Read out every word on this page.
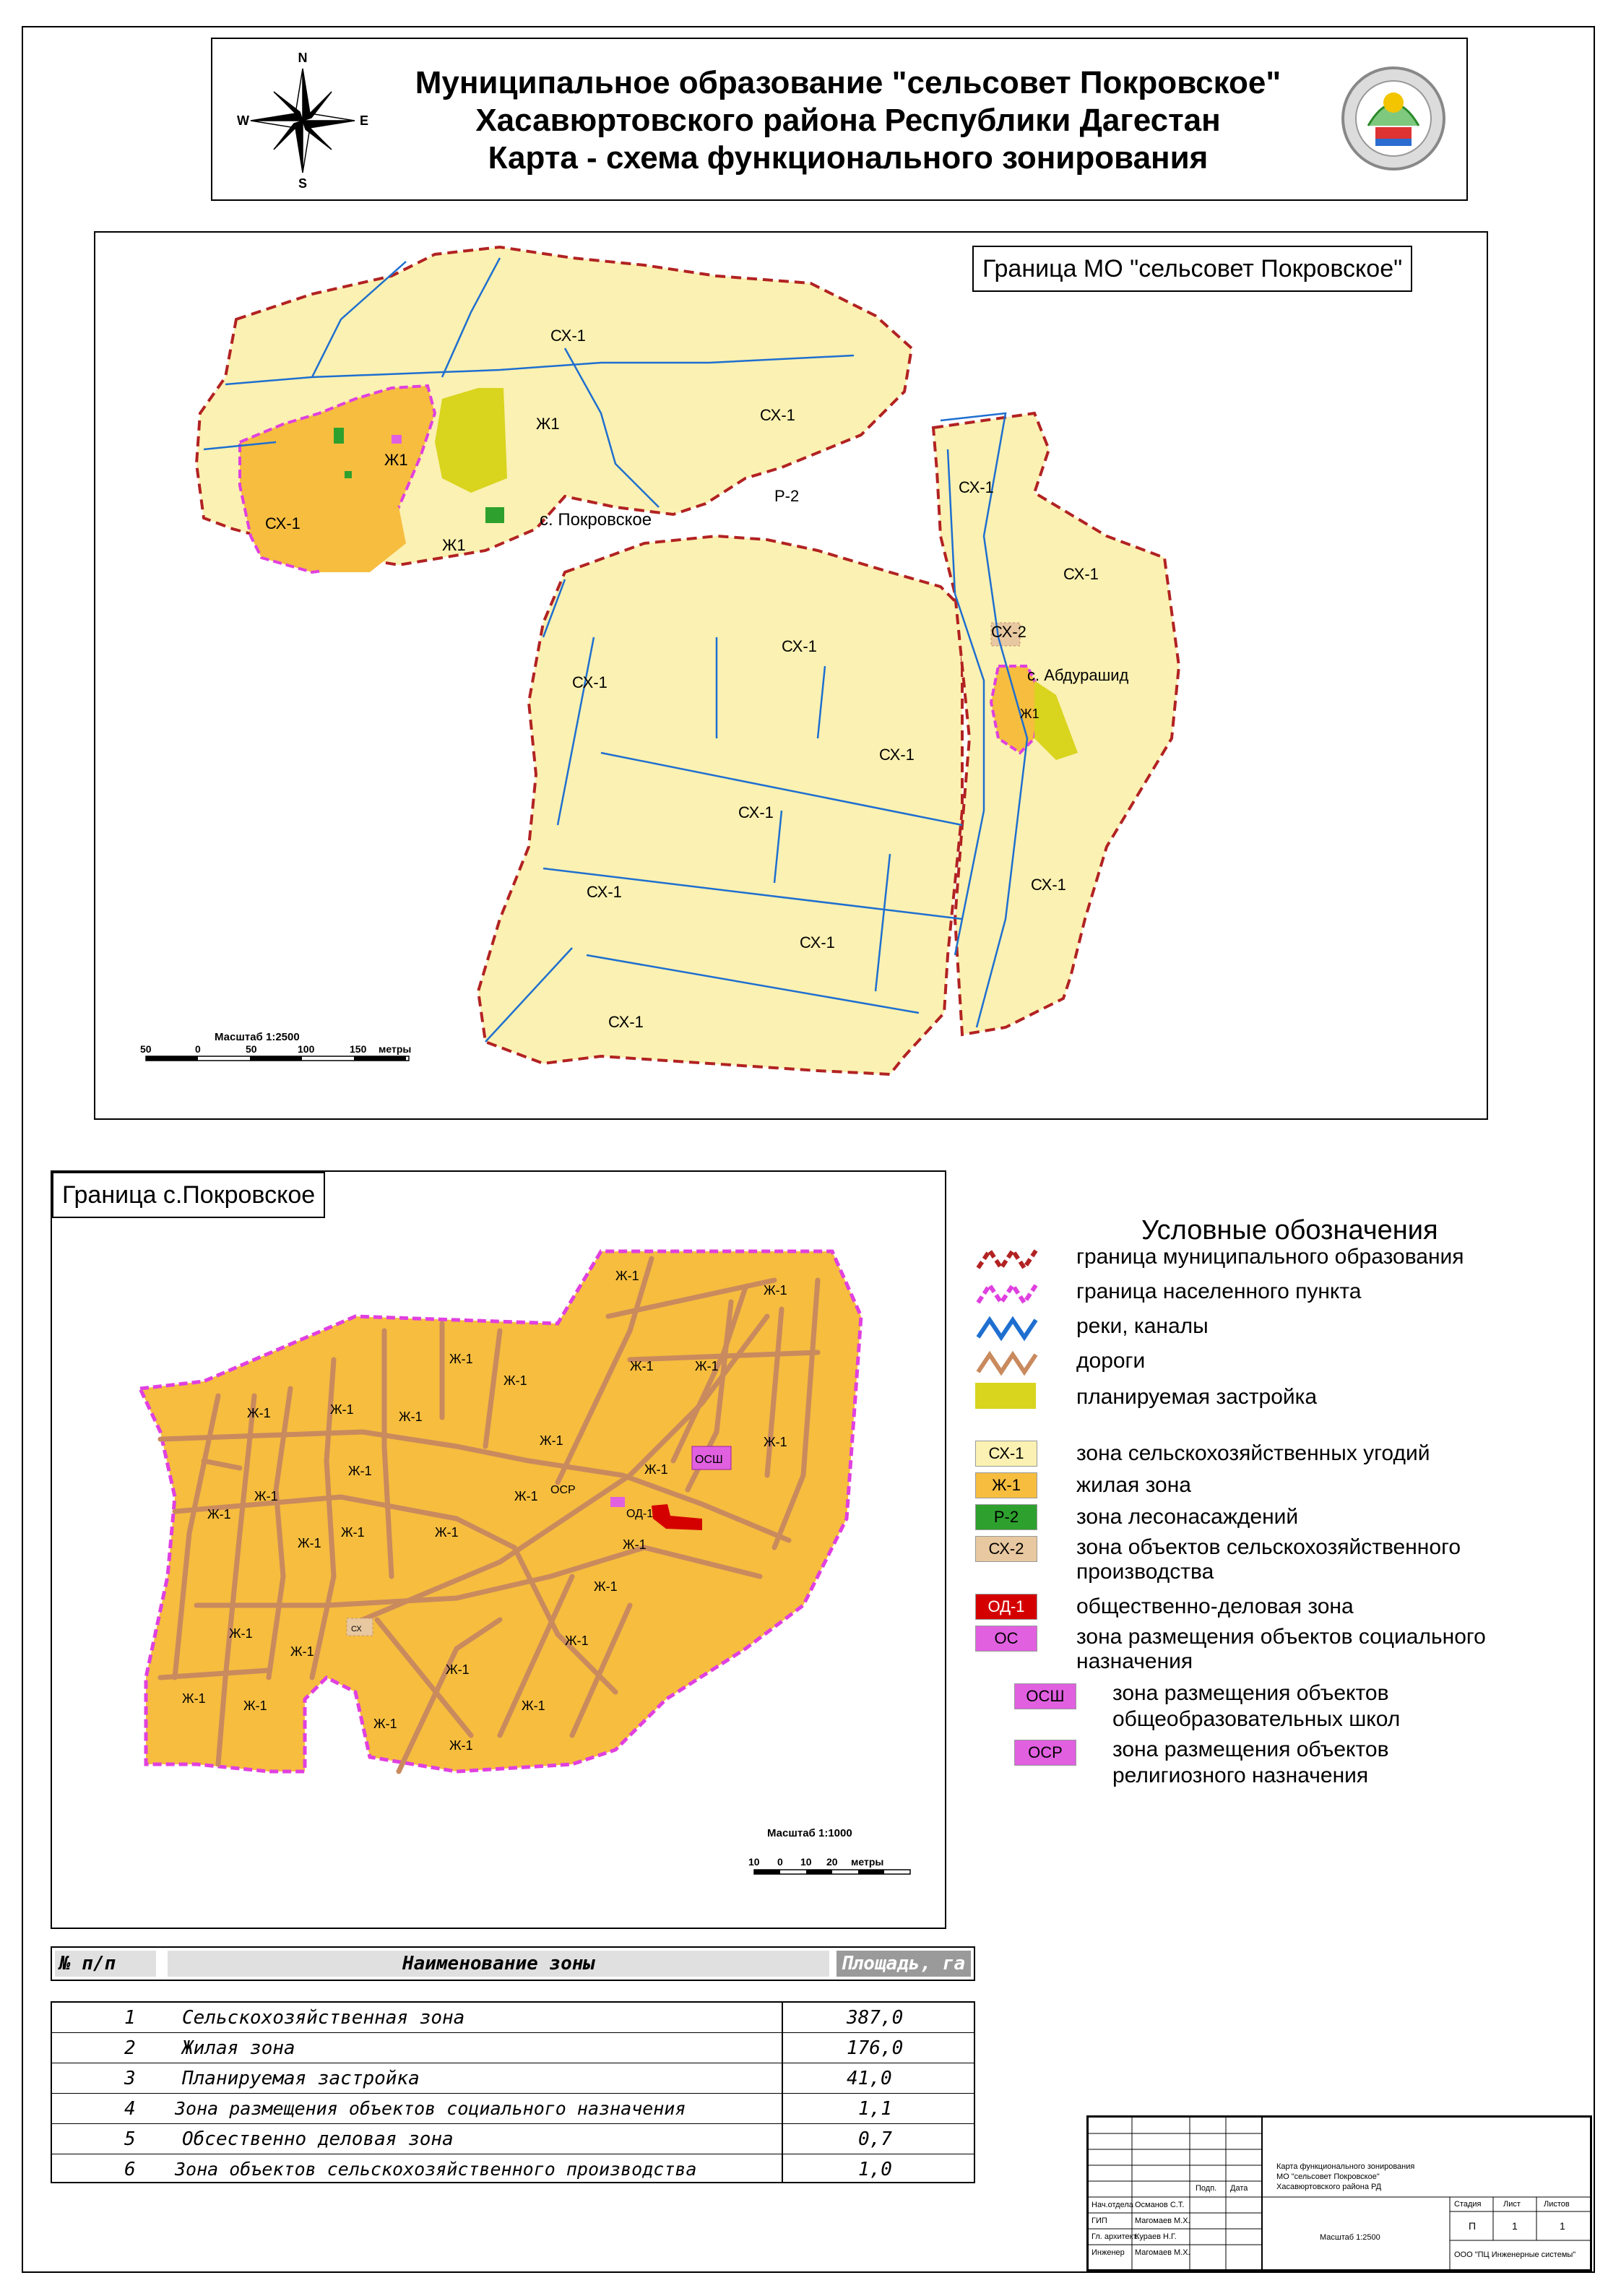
N
S
W	E
Муниципальное образование "сельсовет Покровское"
Хасавюртовского района Республики Дагестан
Карта - схема функционального зонирования
СХ-1
СХ-1
СХ-1
СХ-1
СХ-1
СХ-1
СХ-1
СХ-1
СХ-1
СХ-1
СХ-1
СХ-1
СХ-1
Ж1
Ж1
Ж1
Р-2
СХ-2
Ж1
с. Покровское
с. Абдурашид
Масштаб 1:2500
50	0	50	100	150 метры
Граница МО "сельсовет Покровское"
Граница с.Покровское
Ж-1
Ж-1
Ж-1	Ж-1	Ж-1
Ж-1
Ж-1	Ж-1	Ж-1
Ж-1	Ж-1
Ж-1	Ж-1
Ж-1	Ж-1
Ж-1
Ж-1	Ж-1
Ж-1
Ж-1
Ж-1
Ж-1
Ж-1
Ж-1
Ж-1
Ж-1	Ж-1	Ж-1
Ж-1
Ж-1
ОСШ
ОСР
ОД-1
СХ
Масштаб 1:1000
10 0 10 20 метры
Условные обозначения
граница муниципального образования
граница населенного пункта
реки, каналы
дороги
планируемая застройка
СХ-1	зона сельскохозяйственных угодий
Ж-1	жилая зона
Р-2	зона лесонасаждений
СХ-2	зона объектов сельскохозяйственного
производства
ОД-1	общественно-деловая зона
ОС	зона размещения объектов социального
назначения
ОСШ	зона размещения объектов
общеобразовательных школ
ОСР	зона размещения объектов
религиозного назначения
№ п/п	Наименование зоны	Площадь, га
1 Сельскохозяйственная зона	387,0
2 Жилая зона	176,0
3 Планируемая застройка	41,0
4 Зона размещения объектов социального назначения	1,1
5 Обсественно деловая зона	0,7
6 Зона объектов сельскохозяйственного производства	1,0
Подп. Дата
Карта функционального зонирования
МО "сельсовет Покровское"
Хасавюртовского района РД
Стадия	Лист	Листов
П	1	1
Масштаб 1:2500
ООО "ПЦ Инженерные системы"
Нач.отдела Османов С.Т.
ГИП	Магомаев М.Х.
Гл. архитект.
Кураев Н.Г.
Инженер Магомаев М.Х.
